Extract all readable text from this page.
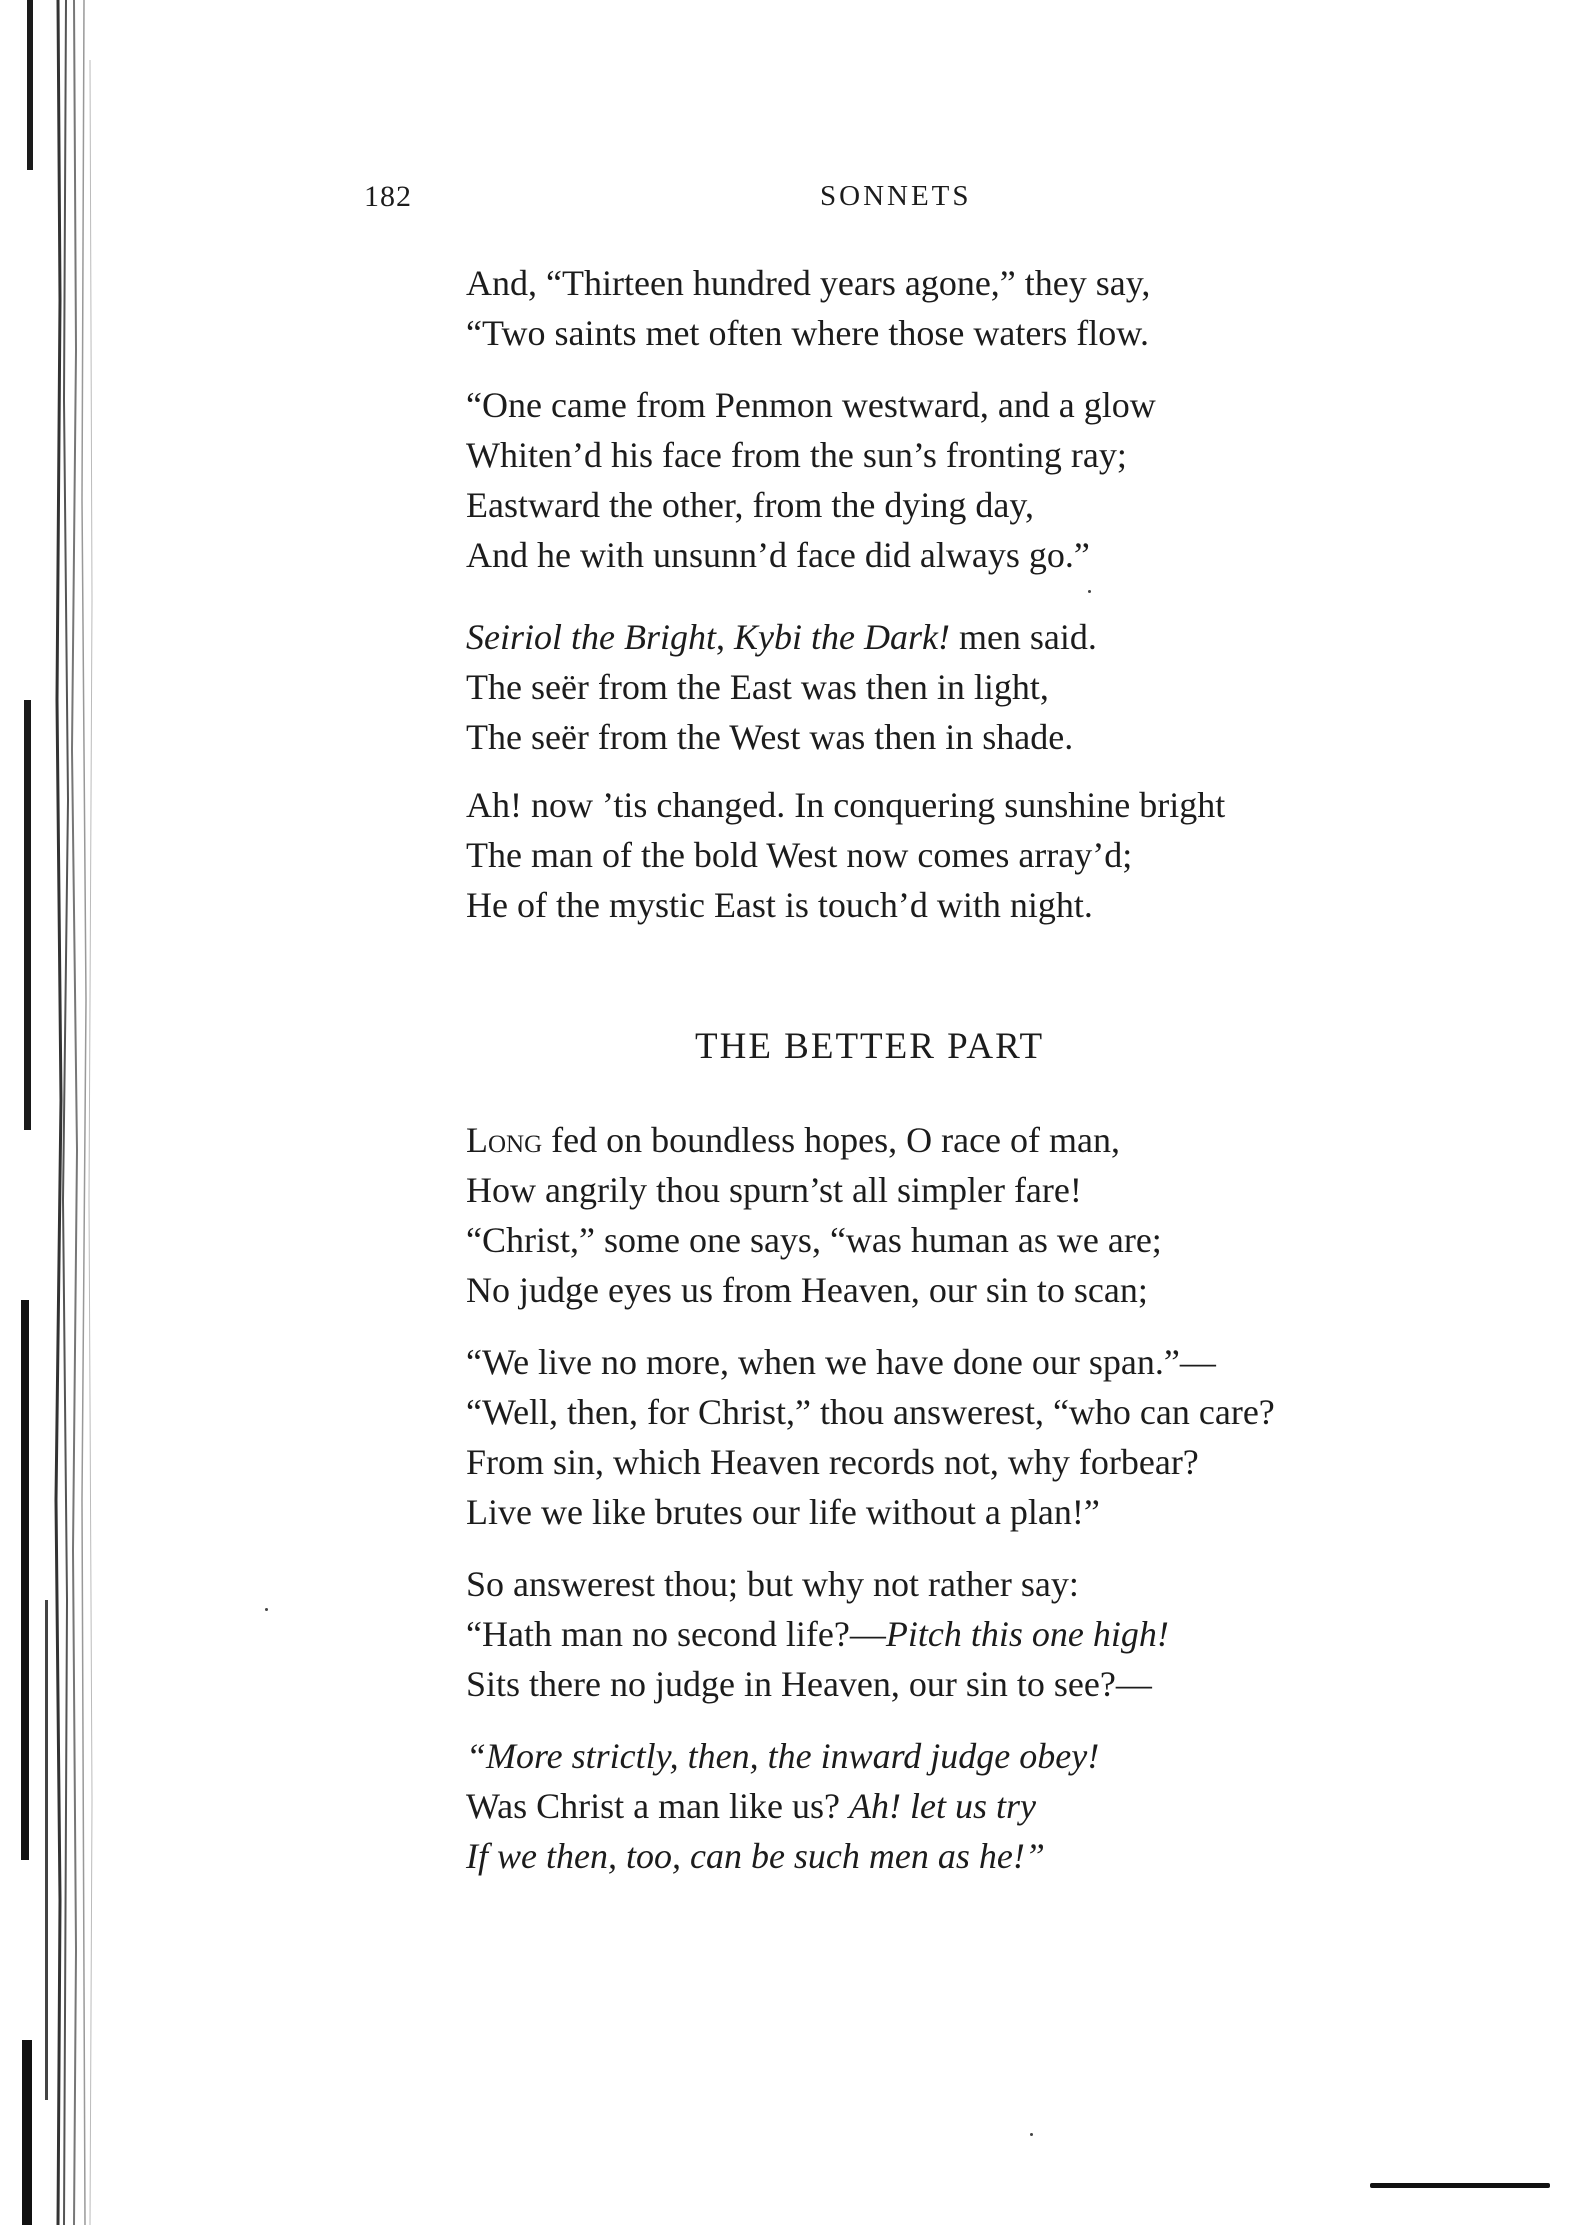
182	SONNETS
And, “Thirteen hundred years agone,” they say,
“Two saints met often where those waters flow.
“One came from Penmon westward, and a glow
Whiten’d his face from the sun’s fronting ray;
Eastward the other, from the dying day,
And he with unsunn’d face did always go.”
Seiriol the Bright, Kybi the Dark! men said.
The seër from the East was then in light,
The seër from the West was then in shade.
Ah! now ’tis changed. In conquering sunshine bright
The man of the bold West now comes array’d;
He of the mystic East is touch’d with night.
THE BETTER PART
Long fed on boundless hopes, O race of man,
How angrily thou spurn’st all simpler fare!
“Christ,” some one says, “was human as we are;
No judge eyes us from Heaven, our sin to scan;
“We live no more, when we have done our span.”—
“Well, then, for Christ,” thou answerest, “who can care?
From sin, which Heaven records not, why forbear?
Live we like brutes our life without a plan!”
So answerest thou; but why not rather say:
“Hath man no second life?—Pitch this one high!
Sits there no judge in Heaven, our sin to see?—
“More strictly, then, the inward judge obey!
Was Christ a man like us? Ah! let us try
If we then, too, can be such men as he!”
